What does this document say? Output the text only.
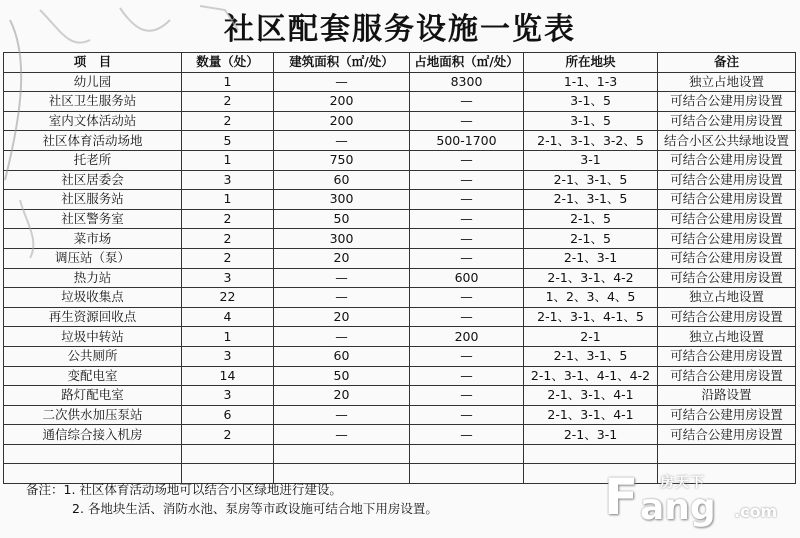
社区配套服务设施一览表
项　目	数量（处）	建筑面积（㎡/处）	占地面积（㎡/处）	所在地块	备注
幼儿园	1	—	8300	1-1、1-3	独立占地设置
社区卫生服务站	2	200	—	3-1、5	可结合公建用房设置
室内文体活动站	2	200	—	3-1、5	可结合公建用房设置
社区体育活动场地	5	—	500-1700	2-1、3-1、3-2、5	结合小区公共绿地设置
托老所	1	750	—	3-1	可结合公建用房设置
社区居委会	3	60	—	2-1、3-1、5	可结合公建用房设置
社区服务站	1	300	—	2-1、3-1、5	可结合公建用房设置
社区警务室	2	50	—	2-1、5	可结合公建用房设置
菜市场	2	300	—	2-1、5	可结合公建用房设置
调压站（泵）	2	20	—	2-1、3-1	可结合公建用房设置
热力站	3	—	600	2-1、3-1、4-2	可结合公建用房设置
垃圾收集点	22	—	—	1、2、3、4、5	独立占地设置
再生资源回收点	4	20	—	2-1、3-1、4-1、5	可结合公建用房设置
垃圾中转站	1	—	200	2-1	独立占地设置
公共厕所	3	60	—	2-1、3-1、5	可结合公建用房设置
变配电室	14	50	—	2-1、3-1、4-1、4-2	可结合公建用房设置
路灯配电室	3	20	—	2-1、3-1、4-1	沿路设置
二次供水加压泵站	6	—	—	2-1、3-1、4-1	可结合公建用房设置
通信综合接入机房	2	—	—	2-1、3-1	可结合公建用房设置

备注：1. 社区体育活动场地可以结合小区绿地进行建设。
2. 各地块生活、消防水池、泵房等市政设施可结合地下用房设置。	F 房天下
ang .com
